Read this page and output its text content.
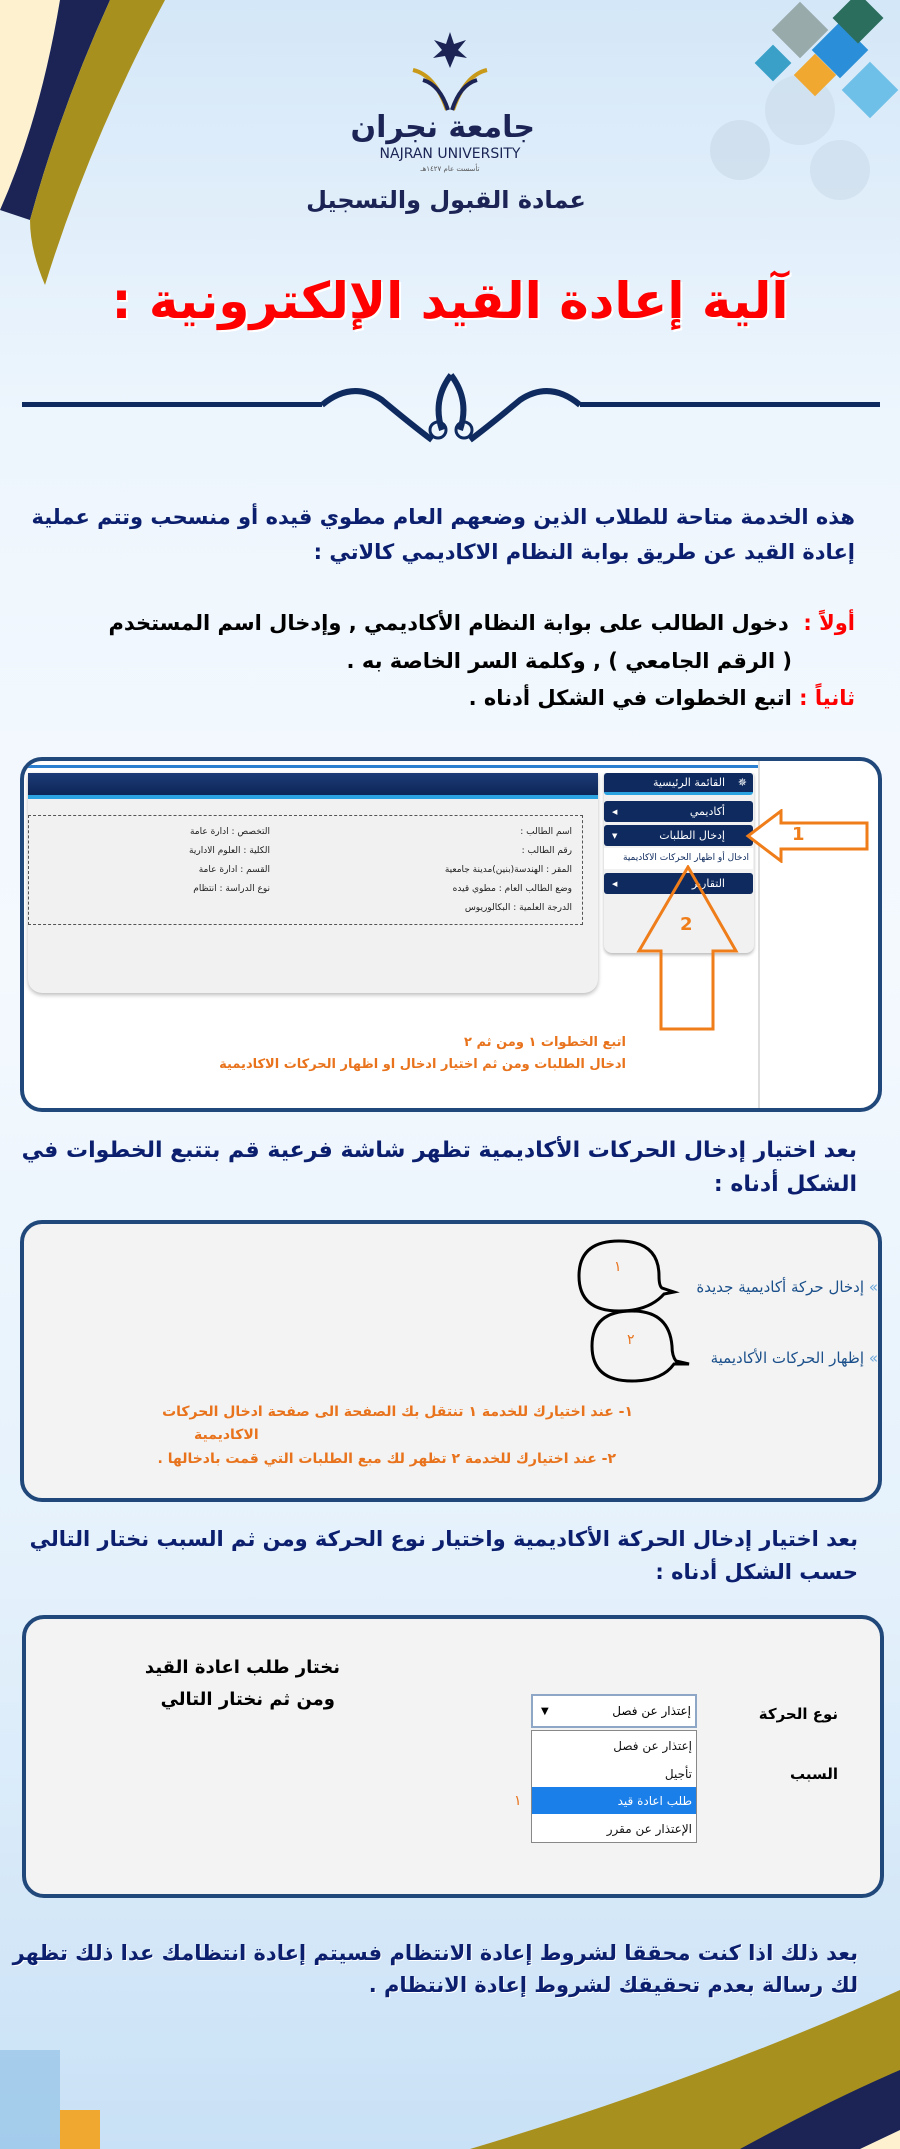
جامعة نجران
NAJRAN UNIVERSITY
تأسست عام ١٤٢٧هـ
عمادة القبول والتسجيل
آلية إعادة القيد الإلكترونية :
هذه الخدمة متاحة للطلاب الذين وضعهم العام مطوي قيده أو منسحب وتتم عملية
إعادة القيد عن طريق بوابة النظام الاكاديمي كالاتي :
أولاً :  دخول الطالب على بوابة النظام الأكاديمي , وإدخال اسم المستخدم
( الرقم الجامعي ) , وكلمة السر الخاصة به .
ثانياً : اتبع الخطوات في الشكل أدناه .
اسم الطالب :
رقم الطالب :
المقر : الهندسة(بنين)مدينة جامعية
وضع الطالب العام : مطوي قيده
الدرجة العلمية : البكالوريوس
التخصص : ادارة عامة
الكلية : العلوم الادارية
القسم : ادارة عامة
نوع الدراسة : انتظام
القائمة الرئيسية ✵
أكاديمي
◀
إدخال الطلبات
▼
ادخال أو اظهار الحركات الاكاديمية
التقارير
◀
1
2
اتبع الخطوات ١ ومن ثم ٢
ادخال الطلبات ومن ثم اختيار ادخال او اظهار الحركات الاكاديمية
بعد اختيار إدخال الحركات الأكاديمية تظهر شاشة فرعية قم بتتبع الخطوات في
الشكل أدناه :
» إدخال حركة أكاديمية جديدة
» إظهار الحركات الأكاديمية
١
٢
١- عند اختيارك للخدمة ١ تنتقل بك الصفحة الى صفحة ادخال الحركات
الاكاديمية
٢- عند اختيارك للخدمة ٢ تظهر لك مبع الطلبات التي قمت بادخالها .
بعد اختيار إدخال الحركة الأكاديمية واختيار نوع الحركة ومن ثم السبب نختار التالي
حسب الشكل أدناه :
نختار طلب اعادة القيد
ومن ثم نختار التالي
نوع الحركة
السبب
إعتذار عن فصل
▼
إعتذار عن فصل
تأجيل
طلب اعادة قيد
الإعتذار عن مقرر
١
بعد ذلك اذا كنت محققا لشروط إعادة الانتظام فسيتم إعادة انتظامك عدا ذلك تظهر
لك رسالة بعدم تحقيقك لشروط إعادة الانتظام .
